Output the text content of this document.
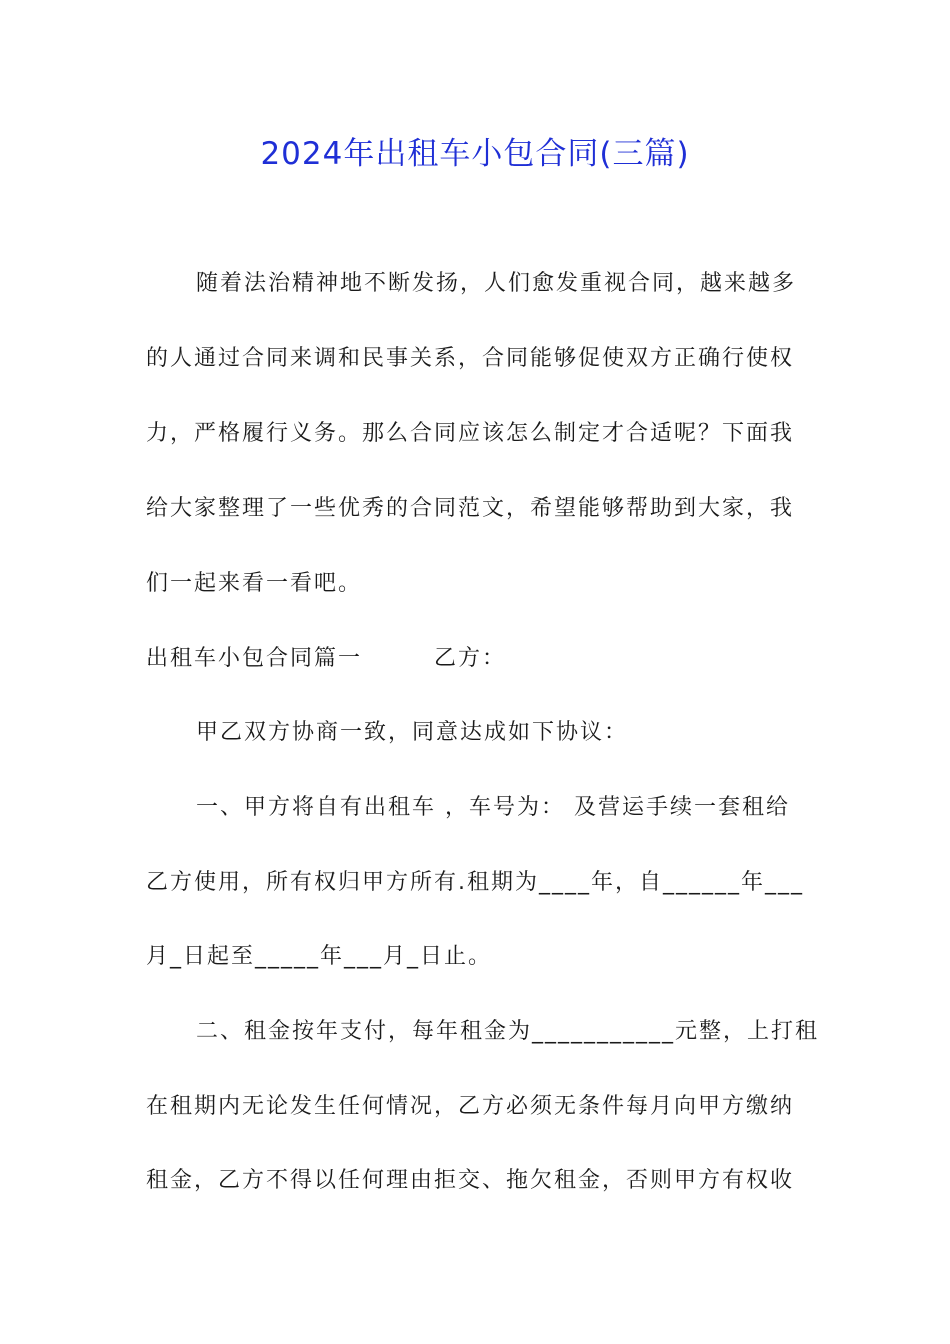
2024年出租车小包合同(三篇)
随着法治精神地不断发扬，人们愈发重视合同，越来越多
的人通过合同来调和民事关系，合同能够促使双方正确行使权
力，严格履行义务。那么合同应该怎么制定才合适呢？下面我
给大家整理了一些优秀的合同范文，希望能够帮助到大家，我
们一起来看一看吧。
出租车小包合同篇一　　　乙方：
甲乙双方协商一致，同意达成如下协议：
一、甲方将自有出租车 ，车号为： 及营运手续一套租给
乙方使用，所有权归甲方所有.租期为____年，自______年___
月_日起至_____年___月_日止。
二、租金按年支付，每年租金为___________元整，上打租
在租期内无论发生任何情况，乙方必须无条件每月向甲方缴纳
租金，乙方不得以任何理由拒交、拖欠租金，否则甲方有权收
